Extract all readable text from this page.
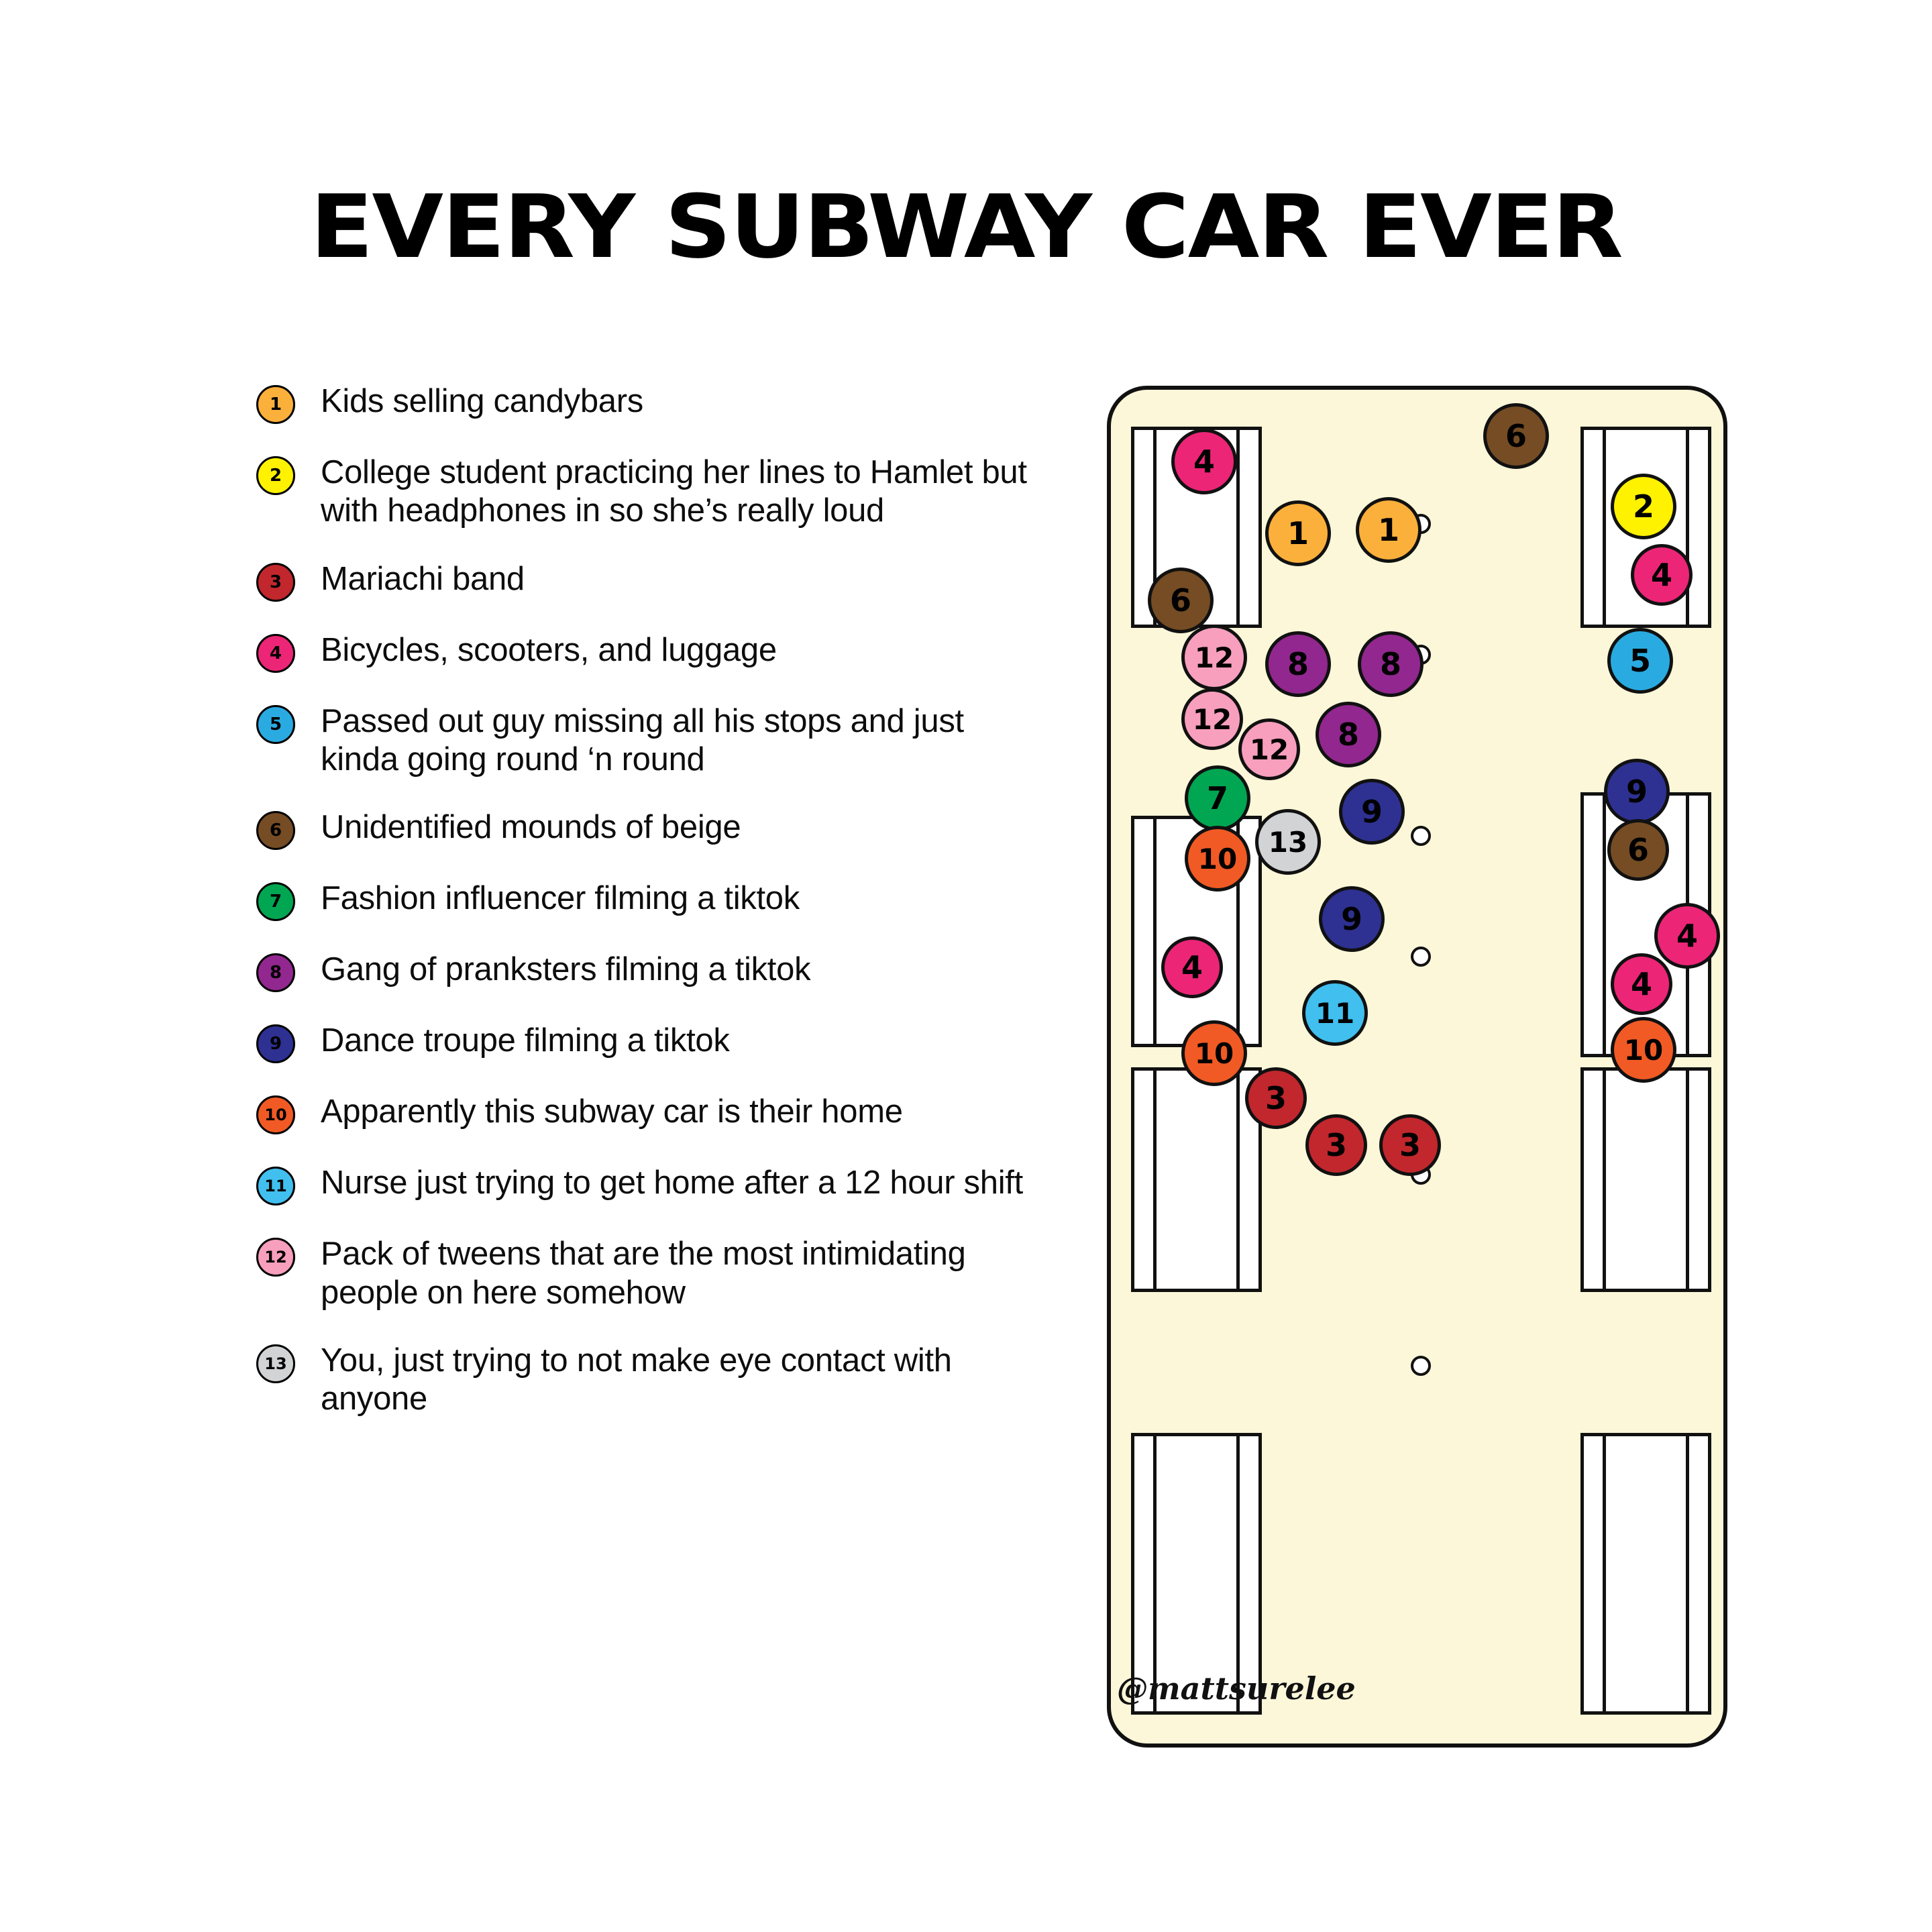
EVERY SUBWAY CAR EVER
1	Kids selling candybars
2	College student practicing her lines to Hamlet but with headphones in so she’s really loud
3	Mariachi band
4	Bicycles, scooters, and luggage
5	Passed out guy missing all his stops and just kinda going round ‘n round
6	Unidentified mounds of beige
7	Fashion influencer filming a tiktok
8	Gang of pranksters filming a tiktok
9	Dance troupe filming a tiktok
10 Apparently this subway car is their home
11 Nurse just trying to get home after a 12 hour shift
12 Pack of tweens that are the most intimidating people on here somehow
13 You, just trying to not make eye contact with anyone
6
4
2
1	1
4
6
12	8	8	5
12	8
12
7	9
9
10
13	6
9	4
4	4
11
10	10
3
3	3
@mattsurelee
